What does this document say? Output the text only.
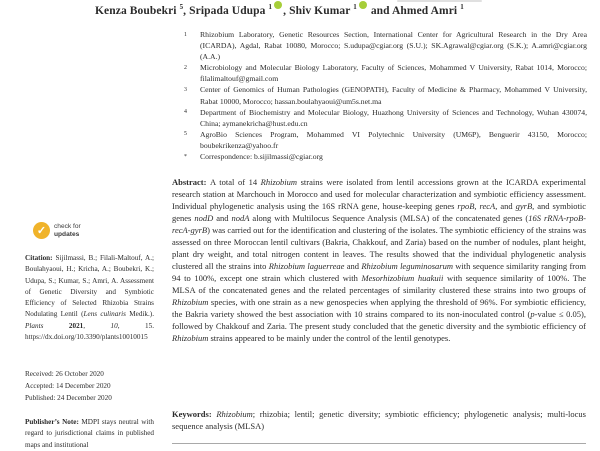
Kenza Boubekri $^5$, Sripada Udupa $^1$ , Shiv Kumar $^1$ and Ahmed Amri $^1$
1	Rhizobium Laboratory, Genetic Resources Section, International Center for Agricultural Research in the Dry Area (ICARDA), Agdal, Rabat 10080, Morocco; S.udupa@cgiar.org (S.U.); SK.Agrawal@cgiar.org (S.K.); A.amri@cgiar.org (A.A.)
2	Microbiology and Molecular Biology Laboratory, Faculty of Sciences, Mohammed V University, Rabat 1014, Morocco; filalimaltouf@gmail.com
3	Center of Genomics of Human Pathologies (GENOPATH), Faculty of Medicine & Pharmacy, Mohammed V University, Rabat 10000, Morocco; hassan.boulahyaoui@um5s.net.ma
4	Department of Biochemistry and Molecular Biology, Huazhong University of Sciences and Technology, Wuhan 430074, China; aymanekricha@hust.edu.cn
5	AgroBio Sciences Program, Mohammed VI Polytechnic University (UM6P), Benguerir 43150, Morocco; boubekrikenza@yahoo.fr
*	Correspondence: b.sijilmassi@cgiar.org
Abstract: A total of 14 Rhizobium strains were isolated from lentil accessions grown at the ICARDA experimental research station at Marchouch in Morocco and used for molecular characterization and symbiotic efficiency assessment. Individual phylogenetic analysis using the 16S rRNA gene, house-keeping genes rpoB, recA, and gyrB, and symbiotic genes nodD and nodA along with Multilocus Sequence Analysis (MLSA) of the concatenated genes (16S rRNA-rpoB-recA-gyrB) was carried out for the identification and clustering of the isolates. The symbiotic efficiency of the strains was assessed on three Moroccan lentil cultivars (Bakria, Chakkouf, and Zaria) based on the number of nodules, plant height, plant dry weight, and total nitrogen content in leaves. The results showed that the individual phylogenetic analysis clustered all the strains into Rhizobium laguerreae and Rhizobium leguminosarum with sequence similarity ranging from 94 to 100%, except one strain which clustered with Mesorhizobium huakuii with sequence similarity of 100%. The MLSA of the concatenated genes and the related percentages of similarity clustered these strains into two groups of Rhizobium species, with one strain as a new genospecies when applying the threshold of 96%. For symbiotic efficiency, the Bakria variety showed the best association with 10 strains compared to its non-inoculated control (p-value ≤ 0.05), followed by Chakkouf and Zaria. The present study concluded that the genetic diversity and the symbiotic efficiency of Rhizobium strains appeared to be mainly under the control of the lentil genotypes.
Keywords: Rhizobium; rhizobia; lentil; genetic diversity; symbiotic efficiency; phylogenetic analysis; multi-locus sequence analysis (MLSA)
✓ check for
updates
Citation: Sijilmassi, B.; Filali-Maltouf, A.; Boulahyaoui, H.; Kricha, A.; Boubekri, K.; Udupa, S.; Kumar, S.; Amri, A. Assessment of Genetic Diversity and Symbiotic Efficiency of Selected Rhizobia Strains Nodulating Lentil (Lens culinaris Medik.). Plants	2021, 10, 15. https://dx.doi.org/10.3390/plants10010015
Received: 26 October 2020
Accepted: 14 December 2020
Published: 24 December 2020
Publisher’s Note: MDPI stays neutral with regard to jurisdictional claims in published maps and institutional
